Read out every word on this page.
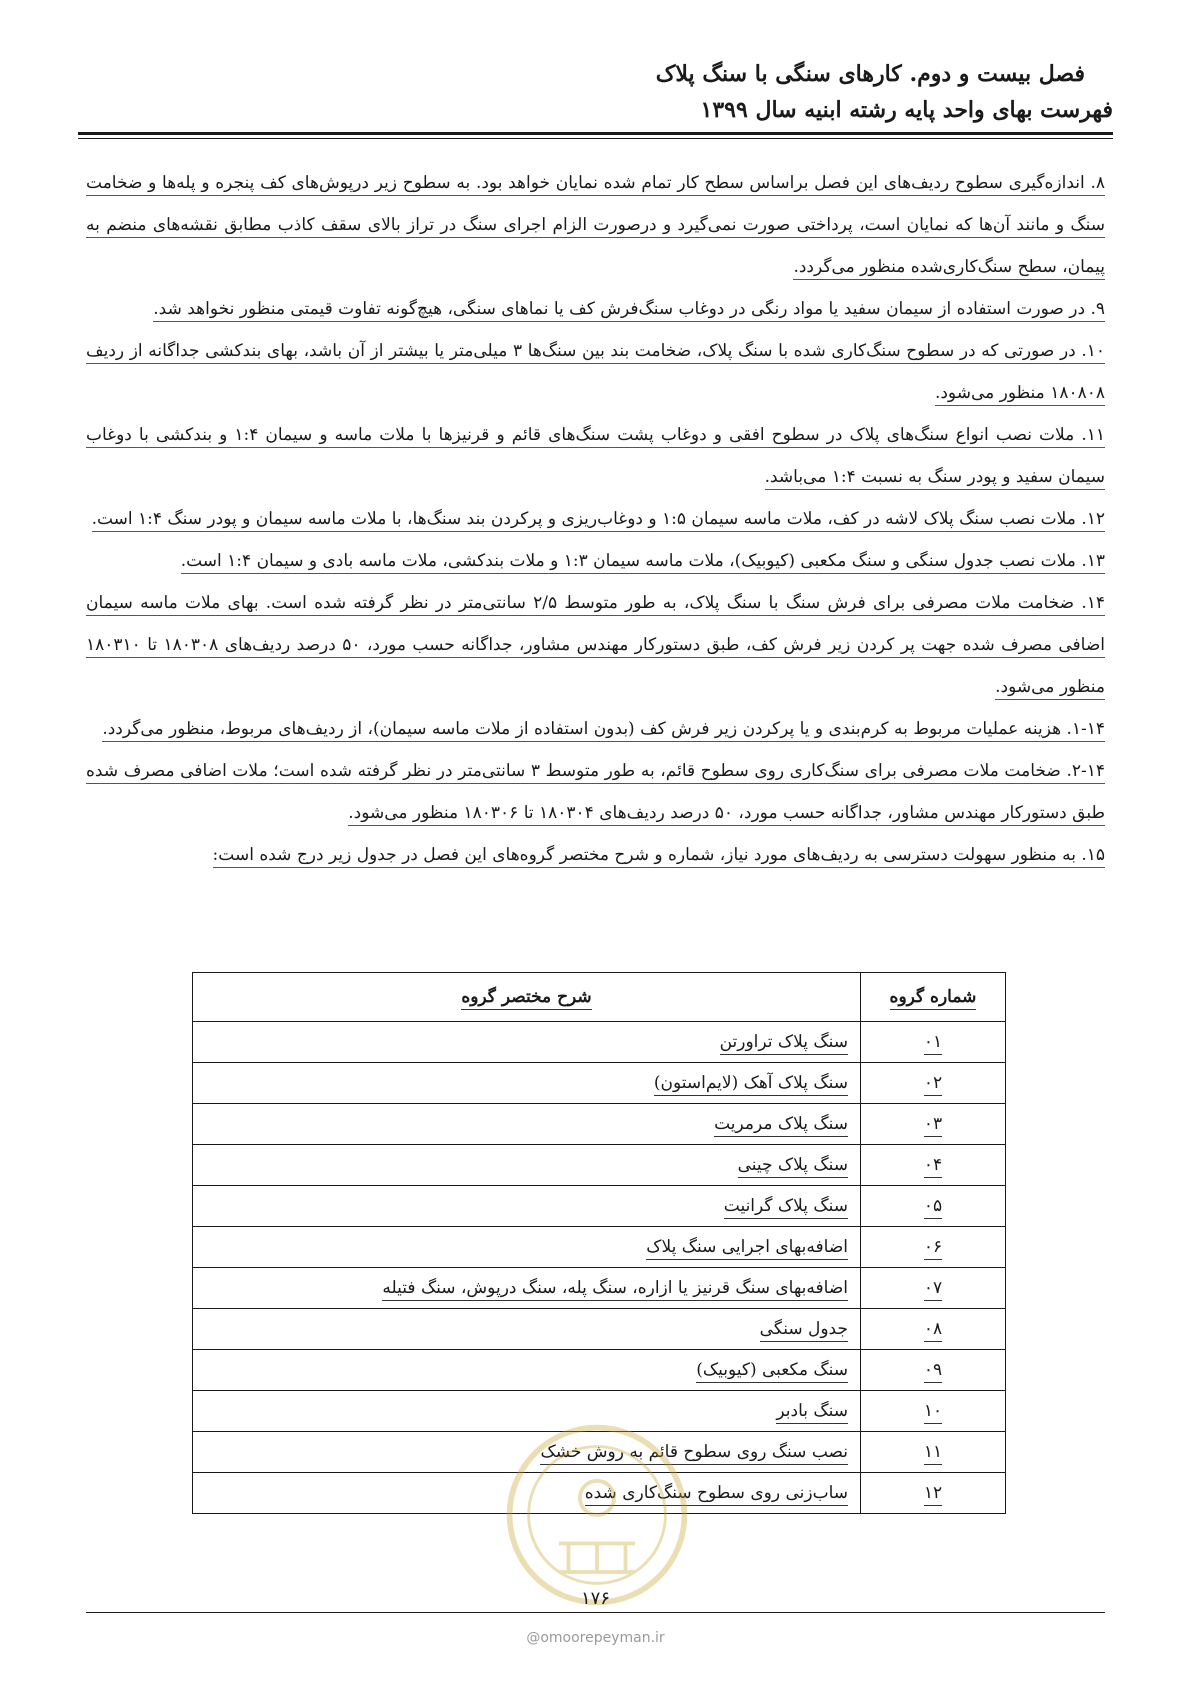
فصل بیست و دوم. کارهای سنگی با سنگ پلاک
فهرست بهای واحد پایه رشته ابنیه سال ۱۳۹۹

۸. اندازه‌گیری سطوح ردیف‌های این فصل براساس سطح کار تمام شده نمایان خواهد بود. به سطوح زیر درپوش‌های کف پنجره و پله‌ها و ضخامت سنگ و مانند آن‌ها که نمایان است، پرداختی صورت نمی‌گیرد و درصورت الزام اجرای سنگ در تراز بالای سقف کاذب مطابق نقشه‌های منضم به پیمان، سطح سنگ‌کاری‌شده منظور می‌گردد.

۹. در صورت استفاده از سیمان سفید یا مواد رنگی در دوغاب سنگ‌فرش کف یا نماهای سنگی، هیچ‌گونه تفاوت قیمتی منظور نخواهد شد.

۱۰. در صورتی که در سطوح سنگ‌کاری شده با سنگ پلاک، ضخامت بند بین سنگ‌ها ۳ میلی‌متر یا بیشتر از آن باشد، بهای بندکشی جداگانه از ردیف ۱۸۰۸۰۸ منظور می‌شود.

۱۱. ملات نصب انواع سنگ‌های پلاک در سطوح افقی و دوغاب پشت سنگ‌های قائم و قرنیزها با ملات ماسه و سیمان ۱:۴ و بندکشی با دوغاب سیمان سفید و پودر سنگ به نسبت ۱:۴ می‌باشد.

۱۲. ملات نصب سنگ پلاک لاشه در کف، ملات ماسه سیمان ۱:۵ و دوغاب‌ریزی و پرکردن بند سنگ‌ها، با ملات ماسه سیمان و پودر سنگ ۱:۴ است.

۱۳. ملات نصب جدول سنگی و سنگ مکعبی (کیوبیک)، ملات ماسه سیمان ۱:۳ و ملات بندکشی، ملات ماسه بادی و سیمان ۱:۴ است.

۱۴. ضخامت ملات مصرفی برای فرش سنگ با سنگ پلاک، به طور متوسط ۲/۵ سانتی‌متر در نظر گرفته شده است. بهای ملات ماسه سیمان اضافی مصرف شده جهت پر کردن زیر فرش کف، طبق دستورکار مهندس مشاور، جداگانه حسب مورد، ۵۰ درصد ردیف‌های ۱۸۰۳۰۸ تا ۱۸۰۳۱۰ منظور می‌شود.

۱-۱۴. هزینه عملیات مربوط به کرم‌بندی و یا پرکردن زیر فرش کف (بدون استفاده از ملات ماسه سیمان)، از ردیف‌های مربوط، منظور می‌گردد.

۲-۱۴. ضخامت ملات مصرفی برای سنگ‌کاری روی سطوح قائم، به طور متوسط ۳ سانتی‌متر در نظر گرفته شده است؛ ملات اضافی مصرف شده طبق دستورکار مهندس مشاور، جداگانه حسب مورد، ۵۰ درصد ردیف‌های ۱۸۰۳۰۴ تا ۱۸۰۳۰۶ منظور می‌شود.

۱۵. به منظور سهولت دسترسی به ردیف‌های مورد نیاز، شماره و شرح مختصر گروه‌های این فصل در جدول زیر درج شده است:

شماره گروه	شرح مختصر گروه
۰۱	سنگ پلاک تراورتن
۰۲	سنگ پلاک آهک (لایم‌استون)
۰۳	سنگ پلاک مرمریت
۰۴	سنگ پلاک چینی
۰۵	سنگ پلاک گرانیت
۰۶	اضافه‌بهای اجرایی سنگ پلاک
۰۷	اضافه‌بهای سنگ قرنیز یا ازاره، سنگ پله، سنگ درپوش، سنگ فتیله
۰۸	جدول سنگی
۰۹	سنگ مکعبی (کیوبیک)
۱۰	سنگ بادبر
۱۱	نصب سنگ روی سطوح قائم به روش خشک
۱۲	ساب‌زنی روی سطوح سنگ‌کاری شده
۱۷۶
@omoorepeyman.ir
